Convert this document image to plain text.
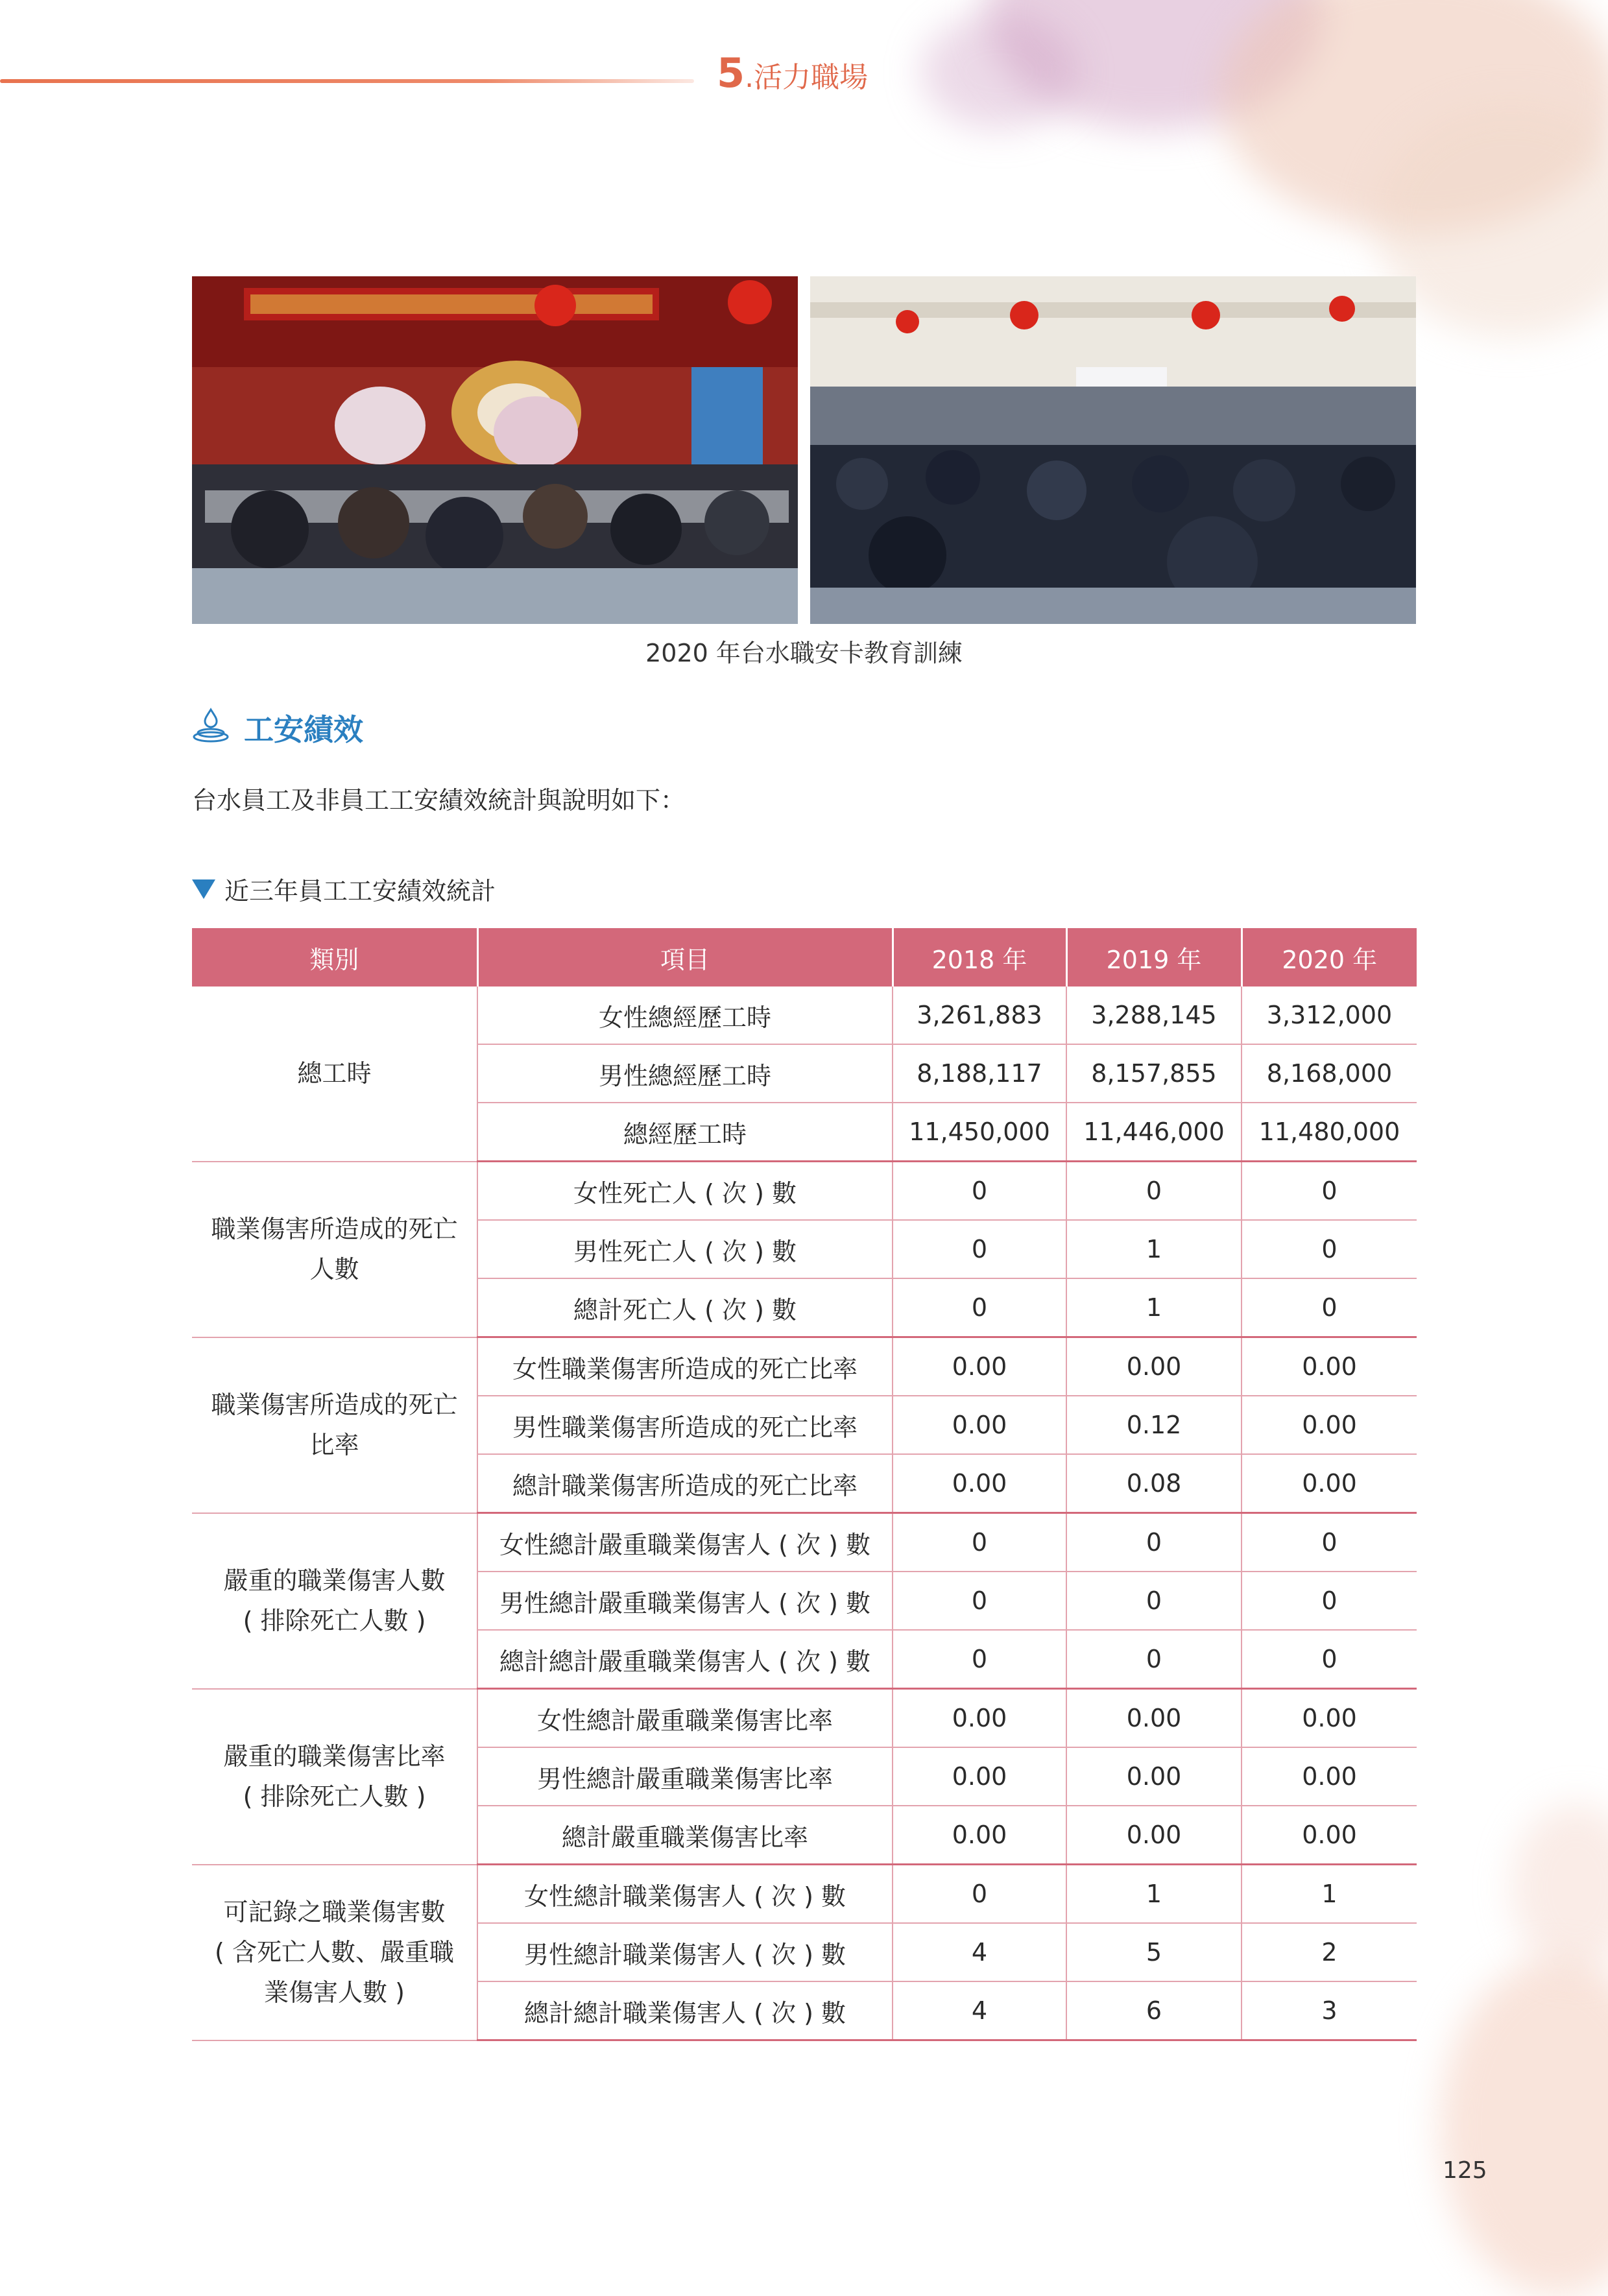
5.活力職場
2020 年台水職安卡教育訓練
工安績效
台水員工及非員工工安績效統計與說明如下：
近三年員工工安績效統計
類別	項目	2018 年	2019 年	2020 年

總工時	女性總經歷工時	3,261,883	3,288,145	3,312,000
	男性總經歷工時	8,188,117	8,157,855	8,168,000
	總經歷工時	11,450,000	11,446,000	11,480,000

職業傷害所造成的死亡
人數	女性死亡人 ( 次 ) 數	0	0	0
	男性死亡人 ( 次 ) 數	0	1	0
	總計死亡人 ( 次 ) 數	0	1	0

職業傷害所造成的死亡
比率	女性職業傷害所造成的死亡比率	0.00	0.00	0.00
	男性職業傷害所造成的死亡比率	0.00	0.12	0.00
	總計職業傷害所造成的死亡比率	0.00	0.08	0.00

嚴重的職業傷害人數
( 排除死亡人數 )	女性總計嚴重職業傷害人 ( 次 ) 數	0	0	0
	男性總計嚴重職業傷害人 ( 次 ) 數	0	0	0
	總計總計嚴重職業傷害人 ( 次 ) 數	0	0	0

嚴重的職業傷害比率
( 排除死亡人數 )	女性總計嚴重職業傷害比率	0.00	0.00	0.00
	男性總計嚴重職業傷害比率	0.00	0.00	0.00
	總計嚴重職業傷害比率	0.00	0.00	0.00

可記錄之職業傷害數
( 含死亡人數、嚴重職
業傷害人數 )	女性總計職業傷害人 ( 次 ) 數	0	1	1
	男性總計職業傷害人 ( 次 ) 數	4	5	2
	總計總計職業傷害人 ( 次 ) 數	4	6	3
125
